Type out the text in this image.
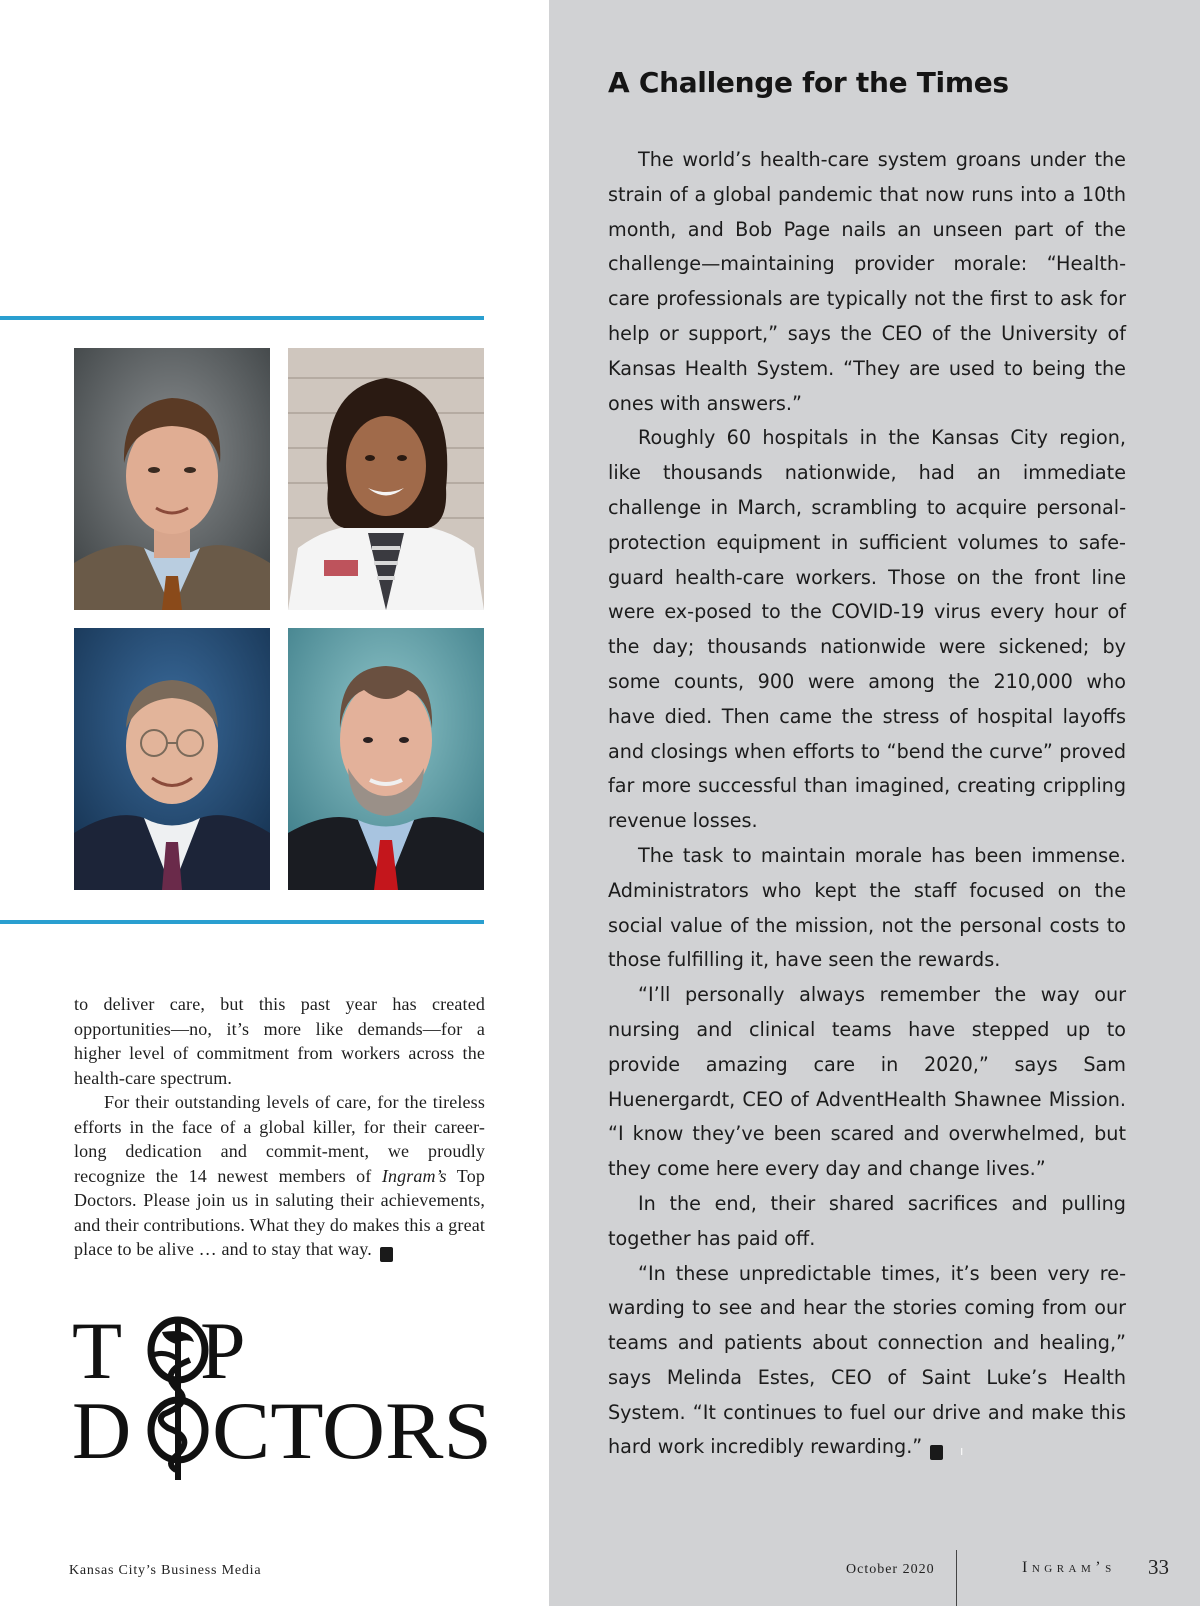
to deliver care, but this past year has created opportunities—no, it’s more like demands—for a higher level of commitment from workers across the health-care spectrum.

For their outstanding levels of care, for the tireless efforts in the face of a global killer, for their career-long dedication and commit-ment, we proudly recognize the 14 newest members of Ingram’s Top Doctors. Please join us in saluting their achievements, and their contributions. What they do makes this a great place to be alive … and to stay that way.	I

T P
D CTORS
A Challenge for the Times

The world’s health-care system groans under the strain of a global pandemic that now runs into a 10th month, and Bob Page nails an unseen part of the challenge—maintaining provider morale: “Health-care professionals are typically not the first to ask for help or support,” says the CEO of the University of Kansas Health System. “They are used to being the ones with answers.”

Roughly 60 hospitals in the Kansas City region, like thousands nationwide, had an immediate challenge in March, scrambling to acquire personal-protection equipment in sufficient volumes to safe-guard health-care workers. Those on the front line were ex-posed to the COVID-19 virus every hour of the day; thousands nationwide were sickened; by some counts, 900 were among the 210,000 who have died. Then came the stress of hospital layoffs and closings when efforts to “bend the curve” proved far more successful than imagined, creating crippling revenue losses.

The task to maintain morale has been immense. Administrators who kept the staff focused on the social value of the mission, not the personal costs to those fulfilling it, have seen the rewards.

“I’ll personally always remember the way our nursing and clinical teams have stepped up to provide amazing care in 2020,” says Sam Huenergardt, CEO of AdventHealth Shawnee Mission. “I know they’ve been scared and overwhelmed, but they come here every day and change lives.”

In the end, their shared sacrifices and pulling together has paid off.

“In these unpredictable times, it’s been very re-warding to see and hear the stories coming from our teams and patients about connection and healing,” says Melinda Estes, CEO of Saint Luke’s Health System. “It continues to fuel our drive and make this hard work incredibly rewarding.”	I

Kansas City’s Business Media	October 2020	Ingram’s 33
